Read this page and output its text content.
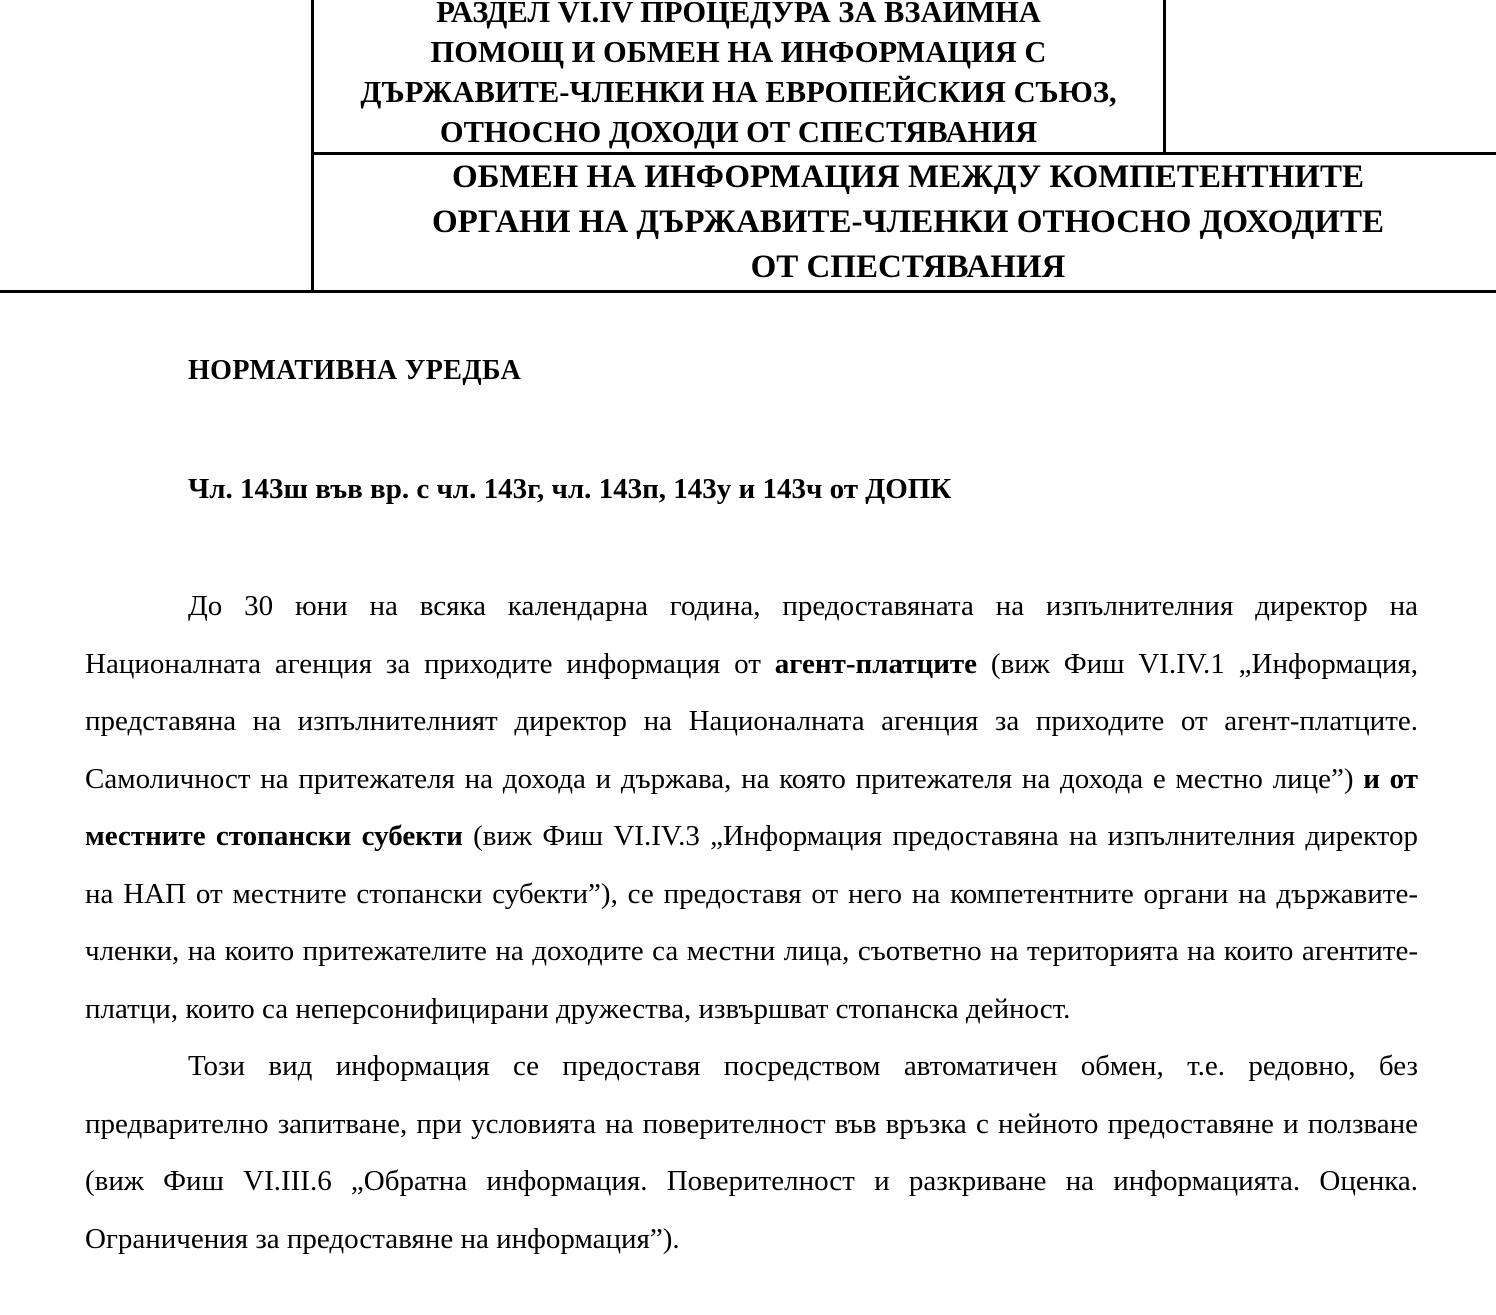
	РАЗДЕЛ VI.IV ПРОЦЕДУРА ЗА ВЗАИМНА
ПОМОЩ И ОБМЕН НА ИНФОРМАЦИЯ С
ДЪРЖАВИТЕ-ЧЛЕНКИ НА ЕВРОПЕЙСКИЯ СЪЮЗ,
ОТНОСНО ДОХОДИ ОТ СПЕСТЯВАНИЯ	

	ОБМЕН НА ИНФОРМАЦИЯ МЕЖДУ КОМПЕТЕНТНИТЕ
ОРГАНИ НА ДЪРЖАВИТЕ-ЧЛЕНКИ ОТНОСНО ДОХОДИТЕ
ОТ СПЕСТЯВАНИЯ	
НОРМАТИВНА УРЕДБА
Чл. 143ш във вр. с чл. 143г, чл. 143п, 143у и 143ч от ДОПК

До 30 юни на всяка календарна година, предоставяната на изпълнителния директор на Националната агенция за приходите информация от агент-платците (виж Фиш VI.IV.1 „Информация, представяна на изпълнителният директор на Националната агенция за приходите от агент-платците. Самоличност на притежателя на дохода и държава, на която притежателя на дохода е местно лице”) и от местните стопански субекти (виж Фиш VI.IV.3 „Информация предоставяна на изпълнителния директор на НАП от местните стопански субекти”), се предоставя от него на компетентните органи на държавите-членки, на които притежателите на доходите са местни лица, съответно на територията на които агентите-платци, които са неперсонифицирани дружества, извършват стопанска дейност.

Този вид информация се предоставя посредством автоматичен обмен, т.е. редовно, без предварително запитване, при условията на поверителност във връзка с нейното предоставяне и ползване (виж Фиш VI.III.6 „Обратна информация. Поверителност и разкриване на информацията. Оценка. Ограничения за предоставяне на информация”).
